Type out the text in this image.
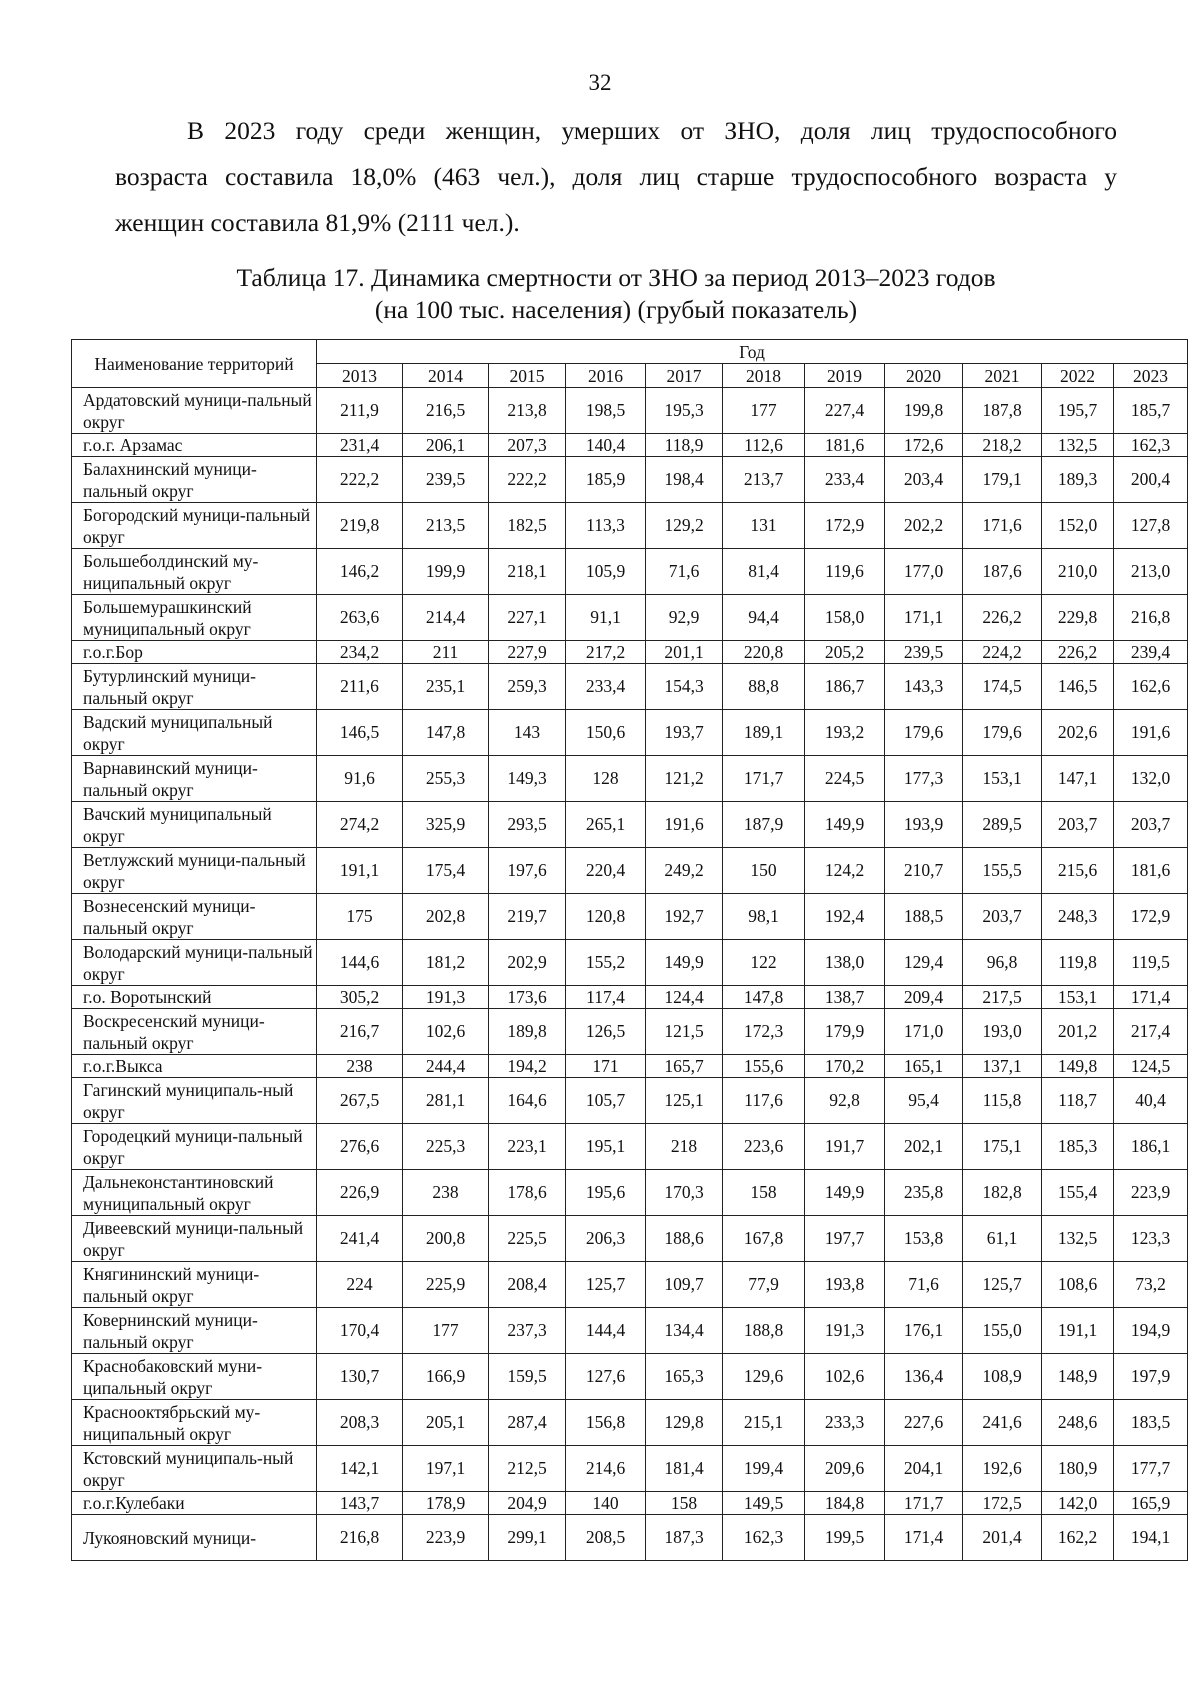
32

В 2023 году среди женщин, умерших от ЗНО, доля лиц трудоспособного
возраста составила 18,0% (463 чел.), доля лиц старше трудоспособного возраста у
женщин составила 81,9% (2111 чел.).

Таблица 17. Динамика смертности от ЗНО за период 2013–2023 годов
(на 100 тыс. населения) (грубый показатель)
Наименование территорий	Год										
	2013	2014	2015	2016	2017	2018	2019	2020	2021	2022	2023
Ардатовский муници-пальный округ	211,9	216,5	213,8	198,5	195,3	177	227,4	199,8	187,8	195,7	185,7
г.о.г. Арзамас	231,4	206,1	207,3	140,4	118,9	112,6	181,6	172,6	218,2	132,5	162,3
Балахнинский муници-пальный округ	222,2	239,5	222,2	185,9	198,4	213,7	233,4	203,4	179,1	189,3	200,4
Богородский муници-пальный округ	219,8	213,5	182,5	113,3	129,2	131	172,9	202,2	171,6	152,0	127,8
Большеболдинский му-ниципальный округ	146,2	199,9	218,1	105,9	71,6	81,4	119,6	177,0	187,6	210,0	213,0
Большемурашкинский муниципальный округ	263,6	214,4	227,1	91,1	92,9	94,4	158,0	171,1	226,2	229,8	216,8
г.о.г.Бор	234,2	211	227,9	217,2	201,1	220,8	205,2	239,5	224,2	226,2	239,4
Бутурлинский муници-пальный округ	211,6	235,1	259,3	233,4	154,3	88,8	186,7	143,3	174,5	146,5	162,6
Вадский муниципальный округ	146,5	147,8	143	150,6	193,7	189,1	193,2	179,6	179,6	202,6	191,6
Варнавинский муници-пальный округ	91,6	255,3	149,3	128	121,2	171,7	224,5	177,3	153,1	147,1	132,0
Вачский муниципальный округ	274,2	325,9	293,5	265,1	191,6	187,9	149,9	193,9	289,5	203,7	203,7
Ветлужский муници-пальный округ	191,1	175,4	197,6	220,4	249,2	150	124,2	210,7	155,5	215,6	181,6
Вознесенский муници-пальный округ	175	202,8	219,7	120,8	192,7	98,1	192,4	188,5	203,7	248,3	172,9
Володарский муници-пальный округ	144,6	181,2	202,9	155,2	149,9	122	138,0	129,4	96,8	119,8	119,5
г.о. Воротынский	305,2	191,3	173,6	117,4	124,4	147,8	138,7	209,4	217,5	153,1	171,4
Воскресенский муници-пальный округ	216,7	102,6	189,8	126,5	121,5	172,3	179,9	171,0	193,0	201,2	217,4
г.о.г.Выкса	238	244,4	194,2	171	165,7	155,6	170,2	165,1	137,1	149,8	124,5
Гагинский муниципаль-ный округ	267,5	281,1	164,6	105,7	125,1	117,6	92,8	95,4	115,8	118,7	40,4
Городецкий муници-пальный округ	276,6	225,3	223,1	195,1	218	223,6	191,7	202,1	175,1	185,3	186,1
Дальнеконстантиновский муниципальный округ	226,9	238	178,6	195,6	170,3	158	149,9	235,8	182,8	155,4	223,9
Дивеевский муници-пальный округ	241,4	200,8	225,5	206,3	188,6	167,8	197,7	153,8	61,1	132,5	123,3
Княгининский муници-пальный округ	224	225,9	208,4	125,7	109,7	77,9	193,8	71,6	125,7	108,6	73,2
Ковернинский муници-пальный округ	170,4	177	237,3	144,4	134,4	188,8	191,3	176,1	155,0	191,1	194,9
Краснобаковский муни-ципальный округ	130,7	166,9	159,5	127,6	165,3	129,6	102,6	136,4	108,9	148,9	197,9
Краснооктябрьский му-ниципальный округ	208,3	205,1	287,4	156,8	129,8	215,1	233,3	227,6	241,6	248,6	183,5
Кстовский муниципаль-ный округ	142,1	197,1	212,5	214,6	181,4	199,4	209,6	204,1	192,6	180,9	177,7
г.о.г.Кулебаки	143,7	178,9	204,9	140	158	149,5	184,8	171,7	172,5	142,0	165,9
Лукояновский муници-	216,8	223,9	299,1	208,5	187,3	162,3	199,5	171,4	201,4	162,2	194,1
